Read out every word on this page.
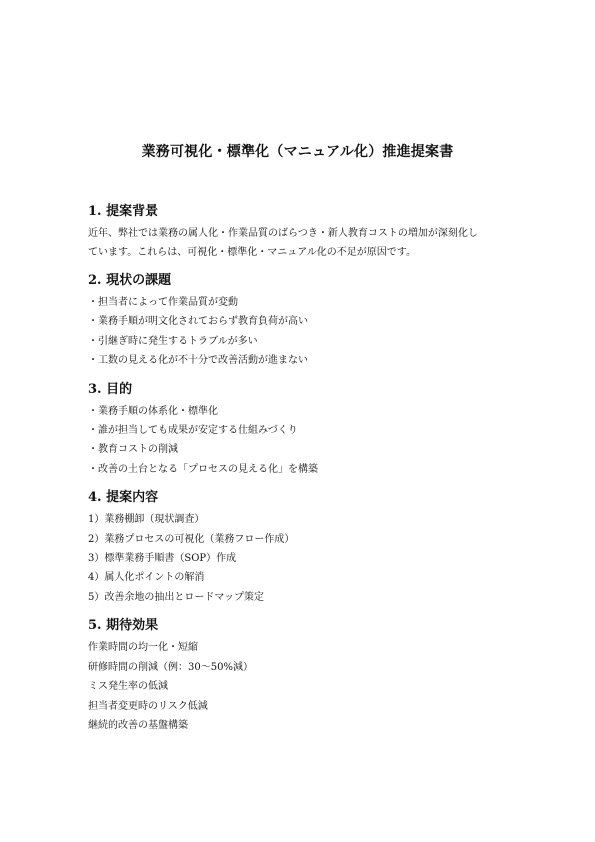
業務可視化・標準化（マニュアル化）推進提案書
1. 提案背景

近年、弊社では業務の属人化・作業品質のばらつき・新人教育コストの増加が深刻化し

ています。これらは、可視化・標準化・マニュアル化の不足が原因です。

2. 現状の課題

・担当者によって作業品質が変動

・業務手順が明文化されておらず教育負荷が高い

・引継ぎ時に発生するトラブルが多い

・工数の見える化が不十分で改善活動が進まない

3. 目的

・業務手順の体系化・標準化

・誰が担当しても成果が安定する仕組みづくり

・教育コストの削減

・改善の土台となる「プロセスの見える化」を構築

4. 提案内容

1）業務棚卸（現状調査）

2）業務プロセスの可視化（業務フロー作成）

3）標準業務手順書（SOP）作成

4）属人化ポイントの解消

5）改善余地の抽出とロードマップ策定

5. 期待効果

作業時間の均一化・短縮

研修時間の削減（例：30～50%減）

ミス発生率の低減

担当者変更時のリスク低減

継続的改善の基盤構築
